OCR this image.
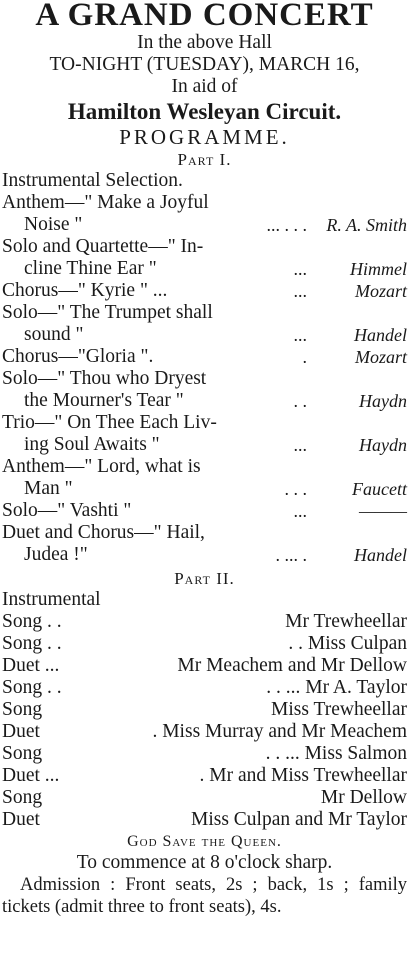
A GRAND CONCERT
In the above Hall
TO-NIGHT (TUESDAY), MARCH 16,
In aid of
Hamilton Wesleyan Circuit.
PROGRAMME.
Part I.
Instrumental Selection.
Anthem—" Make a Joyful
Noise "	... . . . R. A. Smith
Solo and Quartette—" In-
cline Thine Ear "	... Himmel
Chorus—" Kyrie " ...	...	Mozart
Solo—" The Trumpet shall
sound "	...	Handel
Chorus—"Gloria ".	.	Mozart
Solo—" Thou who Dryest
the Mourner's Tear "	. .	Haydn
Trio—" On Thee Each Liv-
ing Soul Awaits "	...	Haydn
Anthem—" Lord, what is
Man "	. . .	Faucett
Solo—" Vashti "	...	———
Duet and Chorus—" Hail,
Judea !"	. ... .	Handel
Part II.
Instrumental
Song . .	Mr Trewheellar
Song . .	. . Miss Culpan
Duet ...	Mr Meachem and Mr Dellow
Song . .	. . ... Mr A. Taylor
Song	Miss Trewheellar
Duet	. Miss Murray and Mr Meachem
Song	. . ... Miss Salmon
Duet ...	. Mr and Miss Trewheellar
Song	Mr Dellow
Duet	Miss Culpan and Mr Taylor
God Save the Queen.
To commence at 8 o'clock sharp.
Admission : Front seats, 2s ; back, 1s ; family tickets (admit three to front seats), 4s.
